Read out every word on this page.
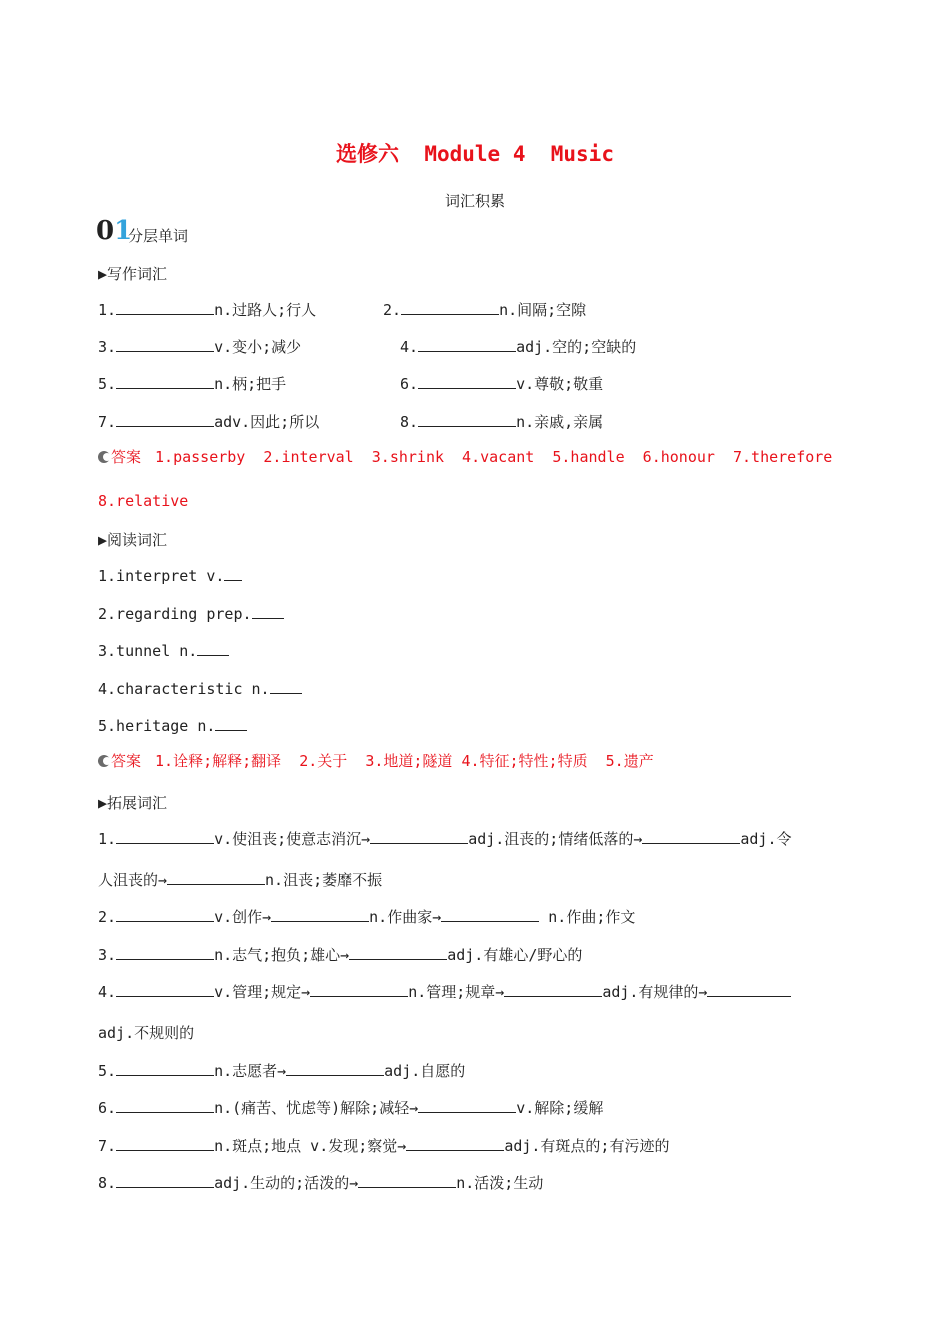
选修六  Module 4  Music
词汇积累
01
分层单词
▶写作词汇
1.	n.过路人;行人	2.	n.间隔;空隙
3.	v.变小;减少	4.	adj.空的;空缺的
5.	n.柄;把手	6.	v.尊敬;敬重
7.	adv.因此;所以	8.	n.亲戚,亲属
答案 1.passerby  2.interval  3.shrink  4.vacant  5.handle  6.honour  7.therefore
8.relative
▶阅读词汇
1.interpret v.
2.regarding prep.
3.tunnel n.
4.characteristic n.
5.heritage n.
答案 1.诠释;解释;翻译  2.关于  3.地道;隧道 4.特征;特性;特质  5.遗产
▶拓展词汇
1.	v.使沮丧;使意志消沉→	adj.沮丧的;情绪低落的→	adj.令
人沮丧的→	n.沮丧;萎靡不振
2.	v.创作→	n.作曲家→	n.作曲;作文
3.	n.志气;抱负;雄心→	adj.有雄心/野心的
4.	v.管理;规定→	n.管理;规章→	adj.有规律的→
adj.不规则的
5.	n.志愿者→	adj.自愿的
6.	n.(痛苦、忧虑等)解除;减轻→	v.解除;缓解
7.	n.斑点;地点 v.发现;察觉→	adj.有斑点的;有污迹的
8.	adj.生动的;活泼的→	n.活泼;生动
